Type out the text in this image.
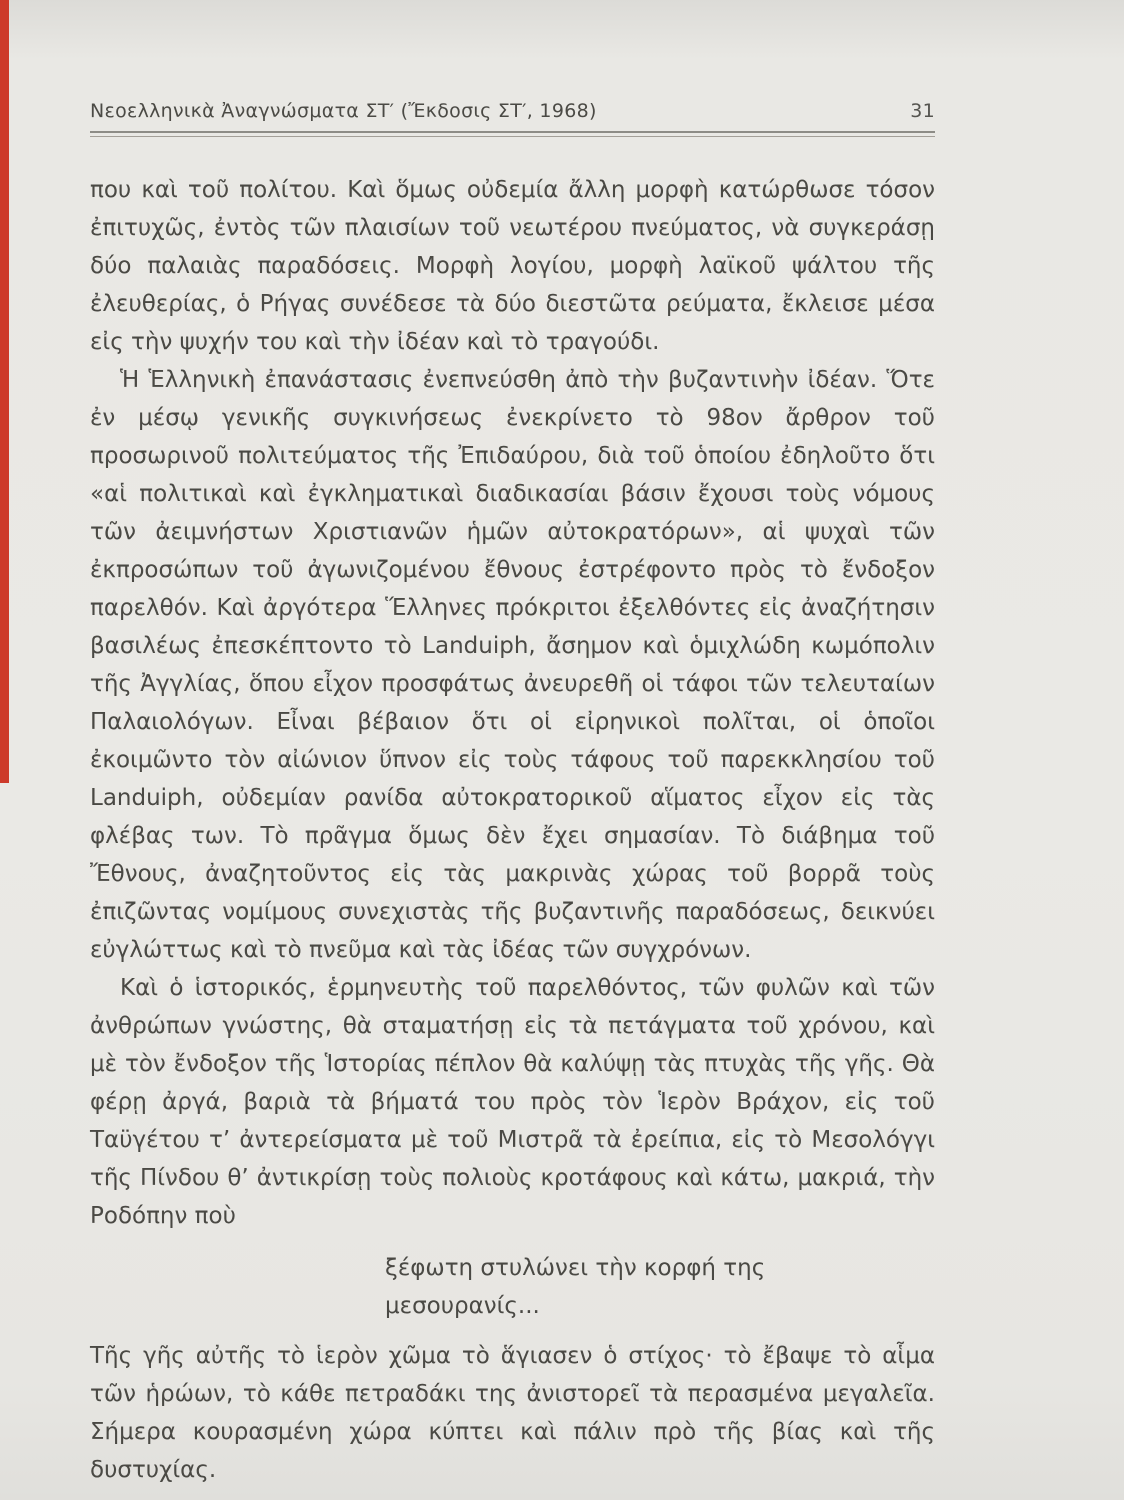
Νεοελληνικὰ Ἀναγνώσματα ΣΤ′ (Ἔκδοσις ΣΤ′, 1968)	31

που καὶ τοῦ πολίτου. Καὶ ὅμως οὐδεμία ἄλλη μορφὴ κατώρθωσε τόσον ἐπιτυχῶς, ἐντὸς τῶν πλαισίων τοῦ νεωτέρου πνεύματος, νὰ συγκεράσῃ δύο παλαιὰς παραδόσεις. Μορφὴ λογίου, μορφὴ λαϊκοῦ ψάλτου τῆς ἐλευθερίας, ὁ Ρήγας συνέδεσε τὰ δύο διεστῶτα ρεύματα, ἔκλεισε μέσα εἰς τὴν ψυχήν του καὶ τὴν ἰδέαν καὶ τὸ τραγούδι.

Ἡ Ἑλληνικὴ ἐπανάστασις ἐνεπνεύσθη ἀπὸ τὴν βυζαντινὴν ἰδέαν. Ὅτε ἐν μέσῳ γενικῆς συγκινήσεως ἐνεκρίνετο τὸ 98ον ἄρθρον τοῦ προσωρινοῦ πολιτεύματος τῆς Ἐπιδαύρου, διὰ τοῦ ὁποίου ἐδηλοῦτο ὅτι «αἱ πολιτικαὶ καὶ ἐγκληματικαὶ διαδικασίαι βάσιν ἔχουσι τοὺς νόμους τῶν ἀειμνήστων Χριστιανῶν ἡμῶν αὐτοκρατόρων», αἱ ψυχαὶ τῶν ἐκπροσώπων τοῦ ἀγωνιζομένου ἔθνους ἐστρέφοντο πρὸς τὸ ἔνδοξον παρελθόν. Καὶ ἀργότερα Ἕλληνες πρόκριτοι ἐξελθόντες εἰς ἀναζήτησιν βασιλέως ἐπεσκέπτοντο τὸ Landuiph, ἄσημον καὶ ὁμιχλώδη κωμόπολιν τῆς Ἀγγλίας, ὅπου εἶχον προσφάτως ἀνευρεθῆ οἱ τάφοι τῶν τελευταίων Παλαιολόγων. Εἶναι βέβαιον ὅτι οἱ εἰρηνικοὶ πολῖται, οἱ ὁποῖοι ἐκοιμῶντο τὸν αἰώνιον ὕπνον εἰς τοὺς τάφους τοῦ παρεκκλησίου τοῦ Landuiph, οὐδεμίαν ρανίδα αὐτοκρατορικοῦ αἵματος εἶχον εἰς τὰς φλέβας των. Τὸ πρᾶγμα ὅμως δὲν ἔχει σημασίαν. Τὸ διάβημα τοῦ Ἔθνους, ἀναζητοῦντος εἰς τὰς μακρινὰς χώρας τοῦ βορρᾶ τοὺς ἐπιζῶντας νομίμους συνεχιστὰς τῆς βυζαντινῆς παραδόσεως, δεικνύει εὐγλώττως καὶ τὸ πνεῦμα καὶ τὰς ἰδέας τῶν συγχρόνων.

Καὶ ὁ ἱστορικός, ἑρμηνευτὴς τοῦ παρελθόντος, τῶν φυλῶν καὶ τῶν ἀνθρώπων γνώστης, θὰ σταματήσῃ εἰς τὰ πετάγματα τοῦ χρόνου, καὶ μὲ τὸν ἔνδοξον τῆς Ἱστορίας πέπλον θὰ καλύψῃ τὰς πτυχὰς τῆς γῆς. Θὰ φέρῃ ἀργά, βαριὰ τὰ βήματά του πρὸς τὸν Ἱερὸν Βράχον, εἰς τοῦ Ταϋγέτου τ’ ἀντερείσματα μὲ τοῦ Μιστρᾶ τὰ ἐρείπια, εἰς τὸ Μεσολόγγι τῆς Πίνδου θ’ ἀντικρίσῃ τοὺς πολιοὺς κροτάφους καὶ κάτω, μακριά, τὴν Ροδόπην ποὺ

ξέφωτη στυλώνει τὴν κορφή της
μεσουρανίς...

Τῆς γῆς αὐτῆς τὸ ἱερὸν χῶμα τὸ ἅγιασεν ὁ στίχος· τὸ ἔβαψε τὸ αἷμα τῶν ἡρώων, τὸ κάθε πετραδάκι της ἀνιστορεῖ τὰ περασμένα μεγαλεῖα. Σήμερα κουρασμένη χώρα κύπτει καὶ πάλιν πρὸ τῆς βίας καὶ τῆς δυστυχίας.
